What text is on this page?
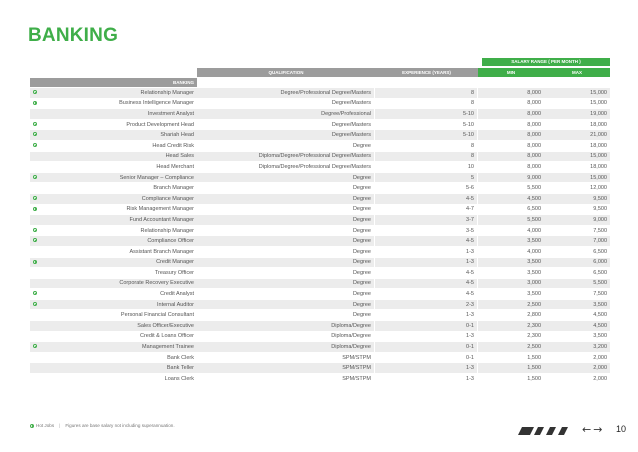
BANKING
SALARY RANGE ( PER MONTH )
	QUALIFICATION	EXPERIENCE (YEARS)	MIN	MAX
BANKING				

Relationship Manager	Degree/Professional Degree/Masters	8	8,000	15,000

Business Intelligence Manager	Degree/Masters	8	8,000	15,000
Investment Analyst	Degree/Professional	5-10	8,000	19,000

Product Development Head	Degree/Masters	5-10	8,000	18,000

Shariah Head	Degree/Masters	5-10	8,000	21,000

Head Credit Risk	Degree	8	8,000	18,000
Head Sales	Diploma/Degree/Professional Degree/Masters	8	8,000	15,000
Head Merchant	Diploma/Degree/Professional Degree/Masters	10	8,000	18,000

Senior Manager – Compliance	Degree	5	9,000	15,000
Branch Manager	Degree	5-6	5,500	12,000

Compliance Manager	Degree	4-5	4,500	9,500

Risk Management Manager	Degree	4-7	6,500	9,500
Fund Accountant Manager	Degree	3-7	5,500	9,000

Relationship Manager	Degree	3-5	4,000	7,500

Compliance Officer	Degree	4-5	3,500	7,000
Assistant Branch Manager	Degree	1-3	4,000	6,500

Credit Manager	Degree	1-3	3,500	6,000
Treasury Officer	Degree	4-5	3,500	6,500
Corporate Recovery Executive	Degree	4-5	3,000	5,500

Credit Analyst	Degree	4-5	3,500	7,500

Internal Auditor	Degree	2-3	2,500	3,500
Personal Financial Consultant	Degree	1-3	2,800	4,500
Sales Officer/Executive	Diploma/Degree	0-1	2,300	4,500
Credit & Loans Officer	Diploma/Degree	1-3	2,300	3,500

Management Trainee	Diploma/Degree	0-1	2,500	3,200
Bank Clerk	SPM/STPM	0-1	1,500	2,000
Bank Teller	SPM/STPM	1-3	1,500	2,000
Loans Clerk	SPM/STPM	1-3	1,500	2,000
Hot Jobs | Figures are base salary not including superannuation.	← → 10
